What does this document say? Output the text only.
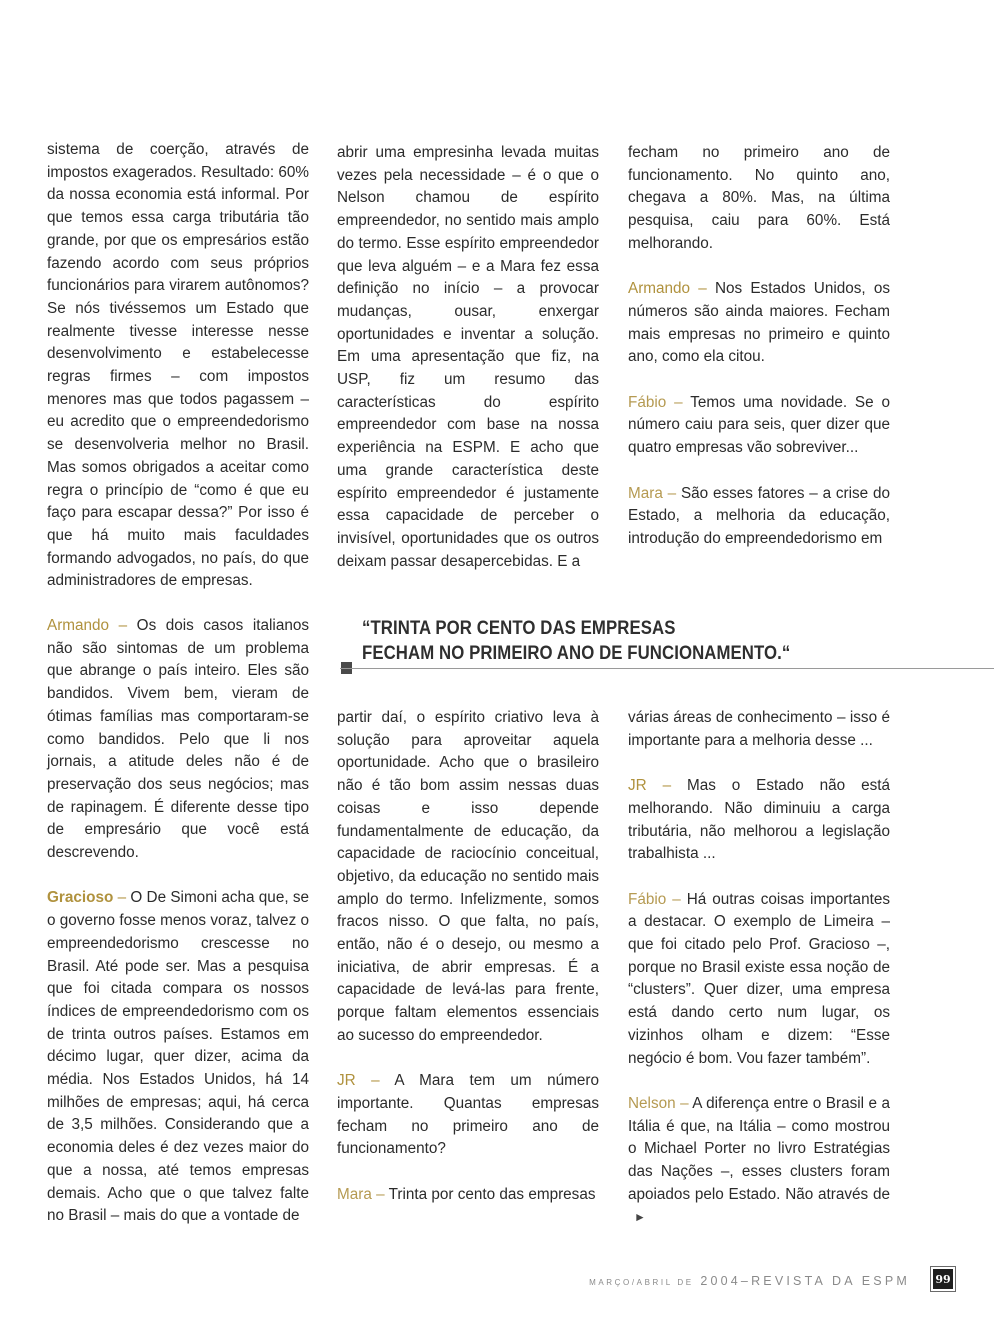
sistema de coerção, através de impostos exagerados. Resultado: 60% da nossa economia está informal. Por que temos essa carga tributária tão grande, por que os empresários estão fazendo acordo com seus próprios funcionários para virarem autônomos? Se nós tivéssemos um Estado que realmente tivesse interesse nesse desenvolvimento e estabelecesse regras firmes – com impostos menores mas que todos pagassem – eu acredito que o empreendedorismo se desenvolveria melhor no Brasil. Mas somos obrigados a aceitar como regra o princípio de “como é que eu faço para escapar dessa?” Por isso é que há muito mais faculdades formando advogados, no país, do que administradores de empresas.

abrir uma empresinha levada muitas vezes pela necessidade – é o que o Nelson chamou de espírito empreendedor, no sentido mais amplo do termo. Esse espírito empreendedor que leva alguém – e a Mara fez essa definição no início – a provocar mudanças, ousar, enxergar oportunidades e inventar a solução. Em uma apresentação que fiz, na USP, fiz um resumo das características do espírito empreendedor com base na nossa experiência na ESPM. E acho que uma grande característica deste espírito empreendedor é justamente essa capacidade de perceber o invisível, oportunidades que os outros deixam passar desapercebidas. E a

fecham no primeiro ano de funcionamento. No quinto ano, chegava a 80%. Mas, na última pesquisa, caiu para 60%. Está melhorando.

Armando – Nos Estados Unidos, os números são ainda maiores. Fecham mais empresas no primeiro e quinto ano, como ela citou.

Fábio – Temos uma novidade. Se o número caiu para seis, quer dizer que quatro empresas vão sobreviver...

Mara – São esses fatores – a crise do Estado, a melhoria da educação, introdução do empreendedorismo em

Armando – Os dois casos italianos não são sintomas de um problema que abrange o país inteiro. Eles são bandidos. Vivem bem, vieram de ótimas famílias mas comportaram-se como bandidos. Pelo que li nos jornais, a atitude deles não é de preservação dos seus negócios; mas de rapinagem. É diferente desse tipo de empresário que você está descrevendo.

Gracioso – O De Simoni acha que, se o governo fosse menos voraz, talvez o empreendedorismo crescesse no Brasil. Até pode ser. Mas a pesquisa que foi citada compara os nossos índices de empreendedorismo com os de trinta outros países. Estamos em décimo lugar, quer dizer, acima da média. Nos Estados Unidos, há 14 milhões de empresas; aqui, há cerca de 3,5 milhões. Considerando que a economia deles é dez vezes maior do que a nossa, até temos empresas demais. Acho que o que talvez falte no Brasil – mais do que a vontade de

partir daí, o espírito criativo leva à solução para aproveitar aquela oportunidade. Acho que o brasileiro não é tão bom assim nessas duas coisas e isso depende fundamentalmente de educação, da capacidade de raciocínio conceitual, objetivo, da educação no sentido mais amplo do termo. Infelizmente, somos fracos nisso. O que falta, no país, então, não é o desejo, ou mesmo a iniciativa, de abrir empresas. É a capacidade de levá-las para frente, porque faltam elementos essenciais ao sucesso do empreendedor.

JR – A Mara tem um número importante. Quantas empresas fecham no primeiro ano de funcionamento?

Mara – Trinta por cento das empresas

várias áreas de conhecimento – isso é importante para a melhoria desse ...

JR – Mas o Estado não está melhorando. Não diminuiu a carga tributária, não melhorou a legislação trabalhista ...

Fábio – Há outras coisas importantes a destacar. O exemplo de Limeira – que foi citado pelo Prof. Gracioso –, porque no Brasil existe essa noção de “clusters”. Quer dizer, uma empresa está dando certo num lugar, os vizinhos olham e dizem: “Esse negócio é bom. Vou fazer também”.

Nelson – A diferença entre o Brasil e a Itália é que, na Itália – como mostrou o Michael Porter no livro Estratégias das Nações –, esses clusters foram apoiados pelo Estado. Não através de►

“TRINTA POR CENTO DAS EMPRESAS
FECHAM NO PRIMEIRO ANO DE FUNCIONAMENTO.“
MARÇO/ABRIL DE 2004–REVISTA DA ESPM 99
